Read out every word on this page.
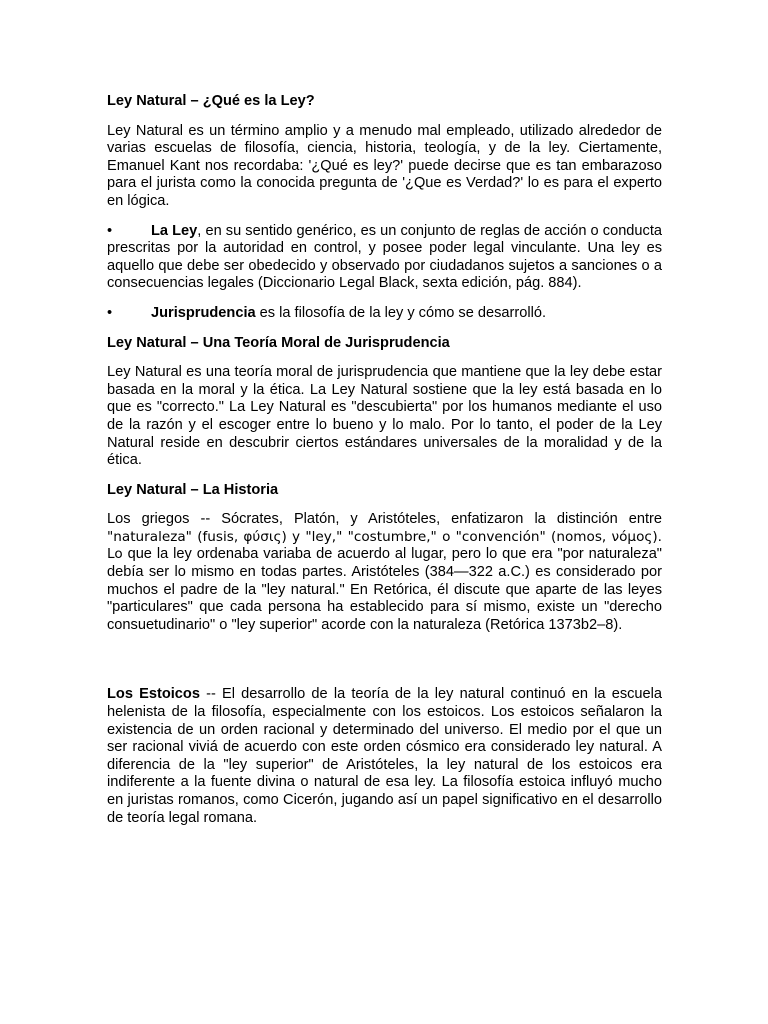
Ley Natural – ¿Qué es la Ley?
Ley Natural es un término amplio y a menudo mal empleado, utilizado alrededor de varias escuelas de filosofía, ciencia, historia, teología, y de la ley. Ciertamente, Emanuel Kant nos recordaba: '¿Qué es ley?' puede decirse que es tan embarazoso para el jurista como la conocida pregunta de '¿Que es Verdad?' lo es para el experto en lógica.
•	La Ley, en su sentido genérico, es un conjunto de reglas de acción o conducta prescritas por la autoridad en control, y posee poder legal vinculante. Una ley es aquello que debe ser obedecido y observado por ciudadanos sujetos a sanciones o a consecuencias legales (Diccionario Legal Black, sexta edición, pág. 884).
•	Jurisprudencia es la filosofía de la ley y cómo se desarrolló.
Ley Natural – Una Teoría Moral de Jurisprudencia
Ley Natural es una teoría moral de jurisprudencia que mantiene que la ley debe estar basada en la moral y la ética. La Ley Natural sostiene que la ley está basada en lo que es "correcto." La Ley Natural es "descubierta" por los humanos mediante el uso de la razón y el escoger entre lo bueno y lo malo. Por lo tanto, el poder de la Ley Natural reside en descubrir ciertos estándares universales de la moralidad y de la ética.
Ley Natural – La Historia
Los griegos -- Sócrates, Platón, y Aristóteles, enfatizaron la distinción entre "naturaleza" (fusis, φύσις) y "ley," "costumbre," o "convención" (nomos, νόμος). Lo que la ley ordenaba variaba de acuerdo al lugar, pero lo que era "por naturaleza" debía ser lo mismo en todas partes. Aristóteles (384—322 a.C.) es considerado por muchos el padre de la "ley natural." En Retórica, él discute que aparte de las leyes "particulares" que cada persona ha establecido para sí mismo, existe un "derecho consuetudinario" o "ley superior" acorde con la naturaleza (Retórica 1373b2–8).
Los Estoicos -- El desarrollo de la teoría de la ley natural continuó en la escuela helenista de la filosofía, especialmente con los estoicos. Los estoicos señalaron la existencia de un orden racional y determinado del universo. El medio por el que un ser racional viviá de acuerdo con este orden cósmico era considerado ley natural. A diferencia de la "ley superior" de Aristóteles, la ley natural de los estoicos era indiferente a la fuente divina o natural de esa ley. La filosofía estoica influyó mucho en juristas romanos, como Cicerón, jugando así un papel significativo en el desarrollo de teoría legal romana.
